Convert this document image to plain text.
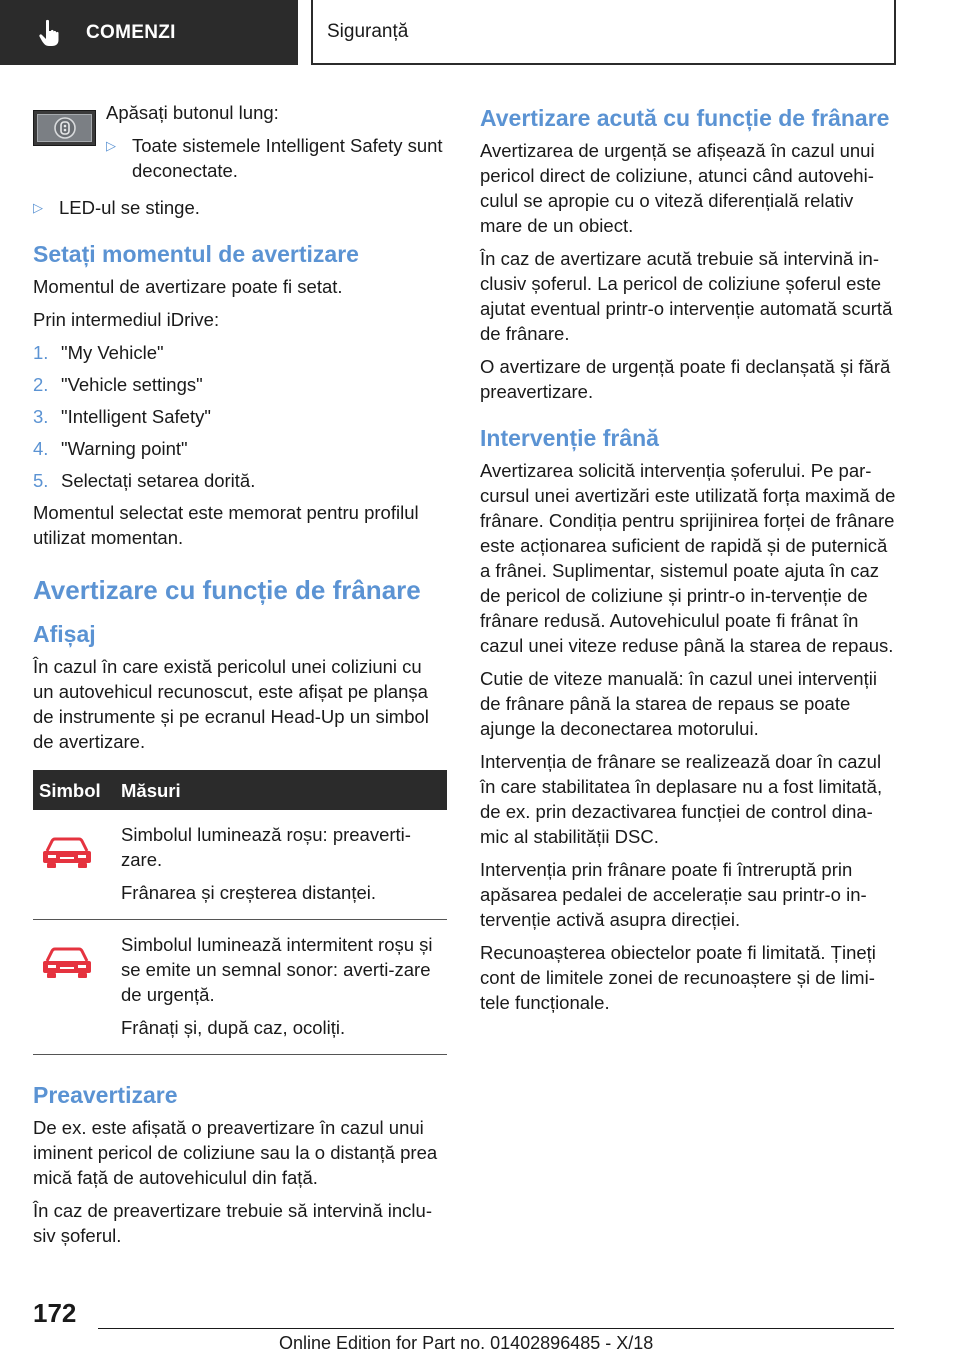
COMENZI	Siguranță

Apăsați butonul lung:

▷ Toate sistemele Intelligent Safety sunt deconectate.
▷ LED-ul se stinge.
Setați momentul de avertizare

Momentul de avertizare poate fi setat.

Prin intermediul iDrive:

1. "My Vehicle"
2. "Vehicle settings"
3. "Intelligent Safety"
4. "Warning point"
5. Selectați setarea dorită.

Momentul selectat este memorat pentru profilul utilizat momentan.

Avertizare cu funcție de frânare
Afișaj

În cazul în care există pericolul unei coliziuni cu un autovehicul recunoscut, este afișat pe planșa de instrumente și pe ecranul Head-Up un simbol de avertizare.

Simbol	Măsuri

Simbolul luminează roșu: preaverti-zare.

Frânarea și creșterea distanței.

Simbolul luminează intermitent roșu și se emite un semnal sonor: averti-zare de urgență.

Frânați și, după caz, ocoliți.

Preavertizare

De ex. este afișată o preavertizare în cazul unui iminent pericol de coliziune sau la o distanță prea mică față de autovehiculul din față.

În caz de preavertizare trebuie să intervină inclu-siv șoferul.

Avertizare acută cu funcție de frânare

Avertizarea de urgență se afișează în cazul unui pericol direct de coliziune, atunci când autovehi-culul se apropie cu o viteză diferențială relativ mare de un obiect.

În caz de avertizare acută trebuie să intervină in-clusiv șoferul. La pericol de coliziune șoferul este ajutat eventual printr-o intervenție automată scurtă de frânare.

O avertizare de urgență poate fi declanșată și fără preavertizare.

Intervenție frână

Avertizarea solicită intervenția șoferului. Pe par-cursul unei avertizări este utilizată forța maximă de frânare. Condiția pentru sprijinirea forței de frânare este acționarea suficient de rapidă și de puternică a frânei. Suplimentar, sistemul poate ajuta în caz de pericol de coliziune și printr-o in-tervenție de frânare redusă. Autovehiculul poate fi frânat în cazul unei viteze reduse până la starea de repaus.

Cutie de viteze manuală: în cazul unei intervenții de frânare până la starea de repaus se poate ajunge la deconectarea motorului.

Intervenția de frânare se realizează doar în cazul în care stabilitatea în deplasare nu a fost limitată, de ex. prin dezactivarea funcției de control dina-mic al stabilității DSC.

Intervenția prin frânare poate fi întreruptă prin apăsarea pedalei de accelerație sau printr-o in-tervenție activă asupra direcției.

Recunoașterea obiectelor poate fi limitată. Țineți cont de limitele zonei de recunoaștere și de limi-tele funcționale.

172
Online Edition for Part no. 01402896485 - X/18
